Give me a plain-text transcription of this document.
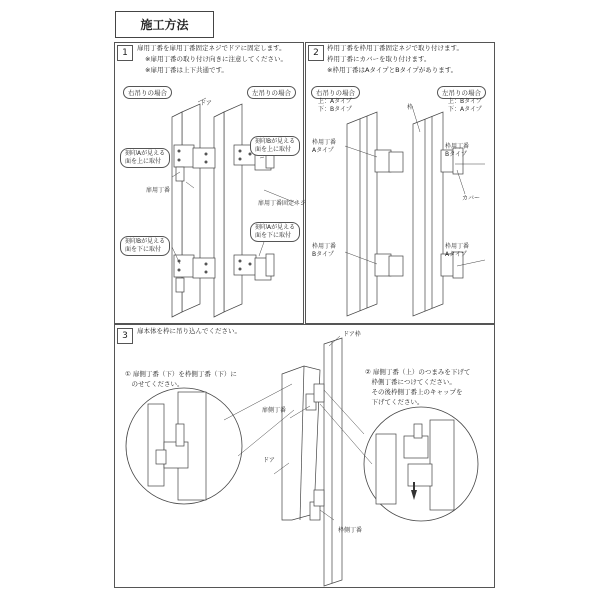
施工方法
1	扉用丁番を扉用丁番固定ネジでドアに固定します。
※扉用丁番の取り付け向きに注意してください。
※扉用丁番は上下共通です。
右吊りの場合	左吊りの場合
ドア
刻印Aが見える
面を上に取付
刻印Bが見える
面を上に取付
扉用丁番
扉用丁番固定ネジ
刻印Bが見える
面を下に取付
刻印Aが見える
面を下に取付
2	枠用丁番を枠用丁番固定ネジで取り付けます。
枠用丁番にカバーを取り付けます。
※枠用丁番はAタイプとBタイプがあります。
右吊りの場合	左吊りの場合
上：Aタイプ
下：Bタイプ
上：Bタイプ
下：Aタイプ
枠
枠用丁番
Aタイプ
枠用丁番
Bタイプ
カバー
枠用丁番
Bタイプ
枠用丁番
Aタイプ
3	扉本体を枠に吊り込んでください。	ドア枠
① 扉側丁番（下）を枠側丁番（下）に
　のせてください。
② 扉側丁番（上）のつまみを下げて
　枠側丁番につけてください。
　その後枠側丁番上のキャップを
　下げてください。
扉側丁番
ドア
枠側丁番
